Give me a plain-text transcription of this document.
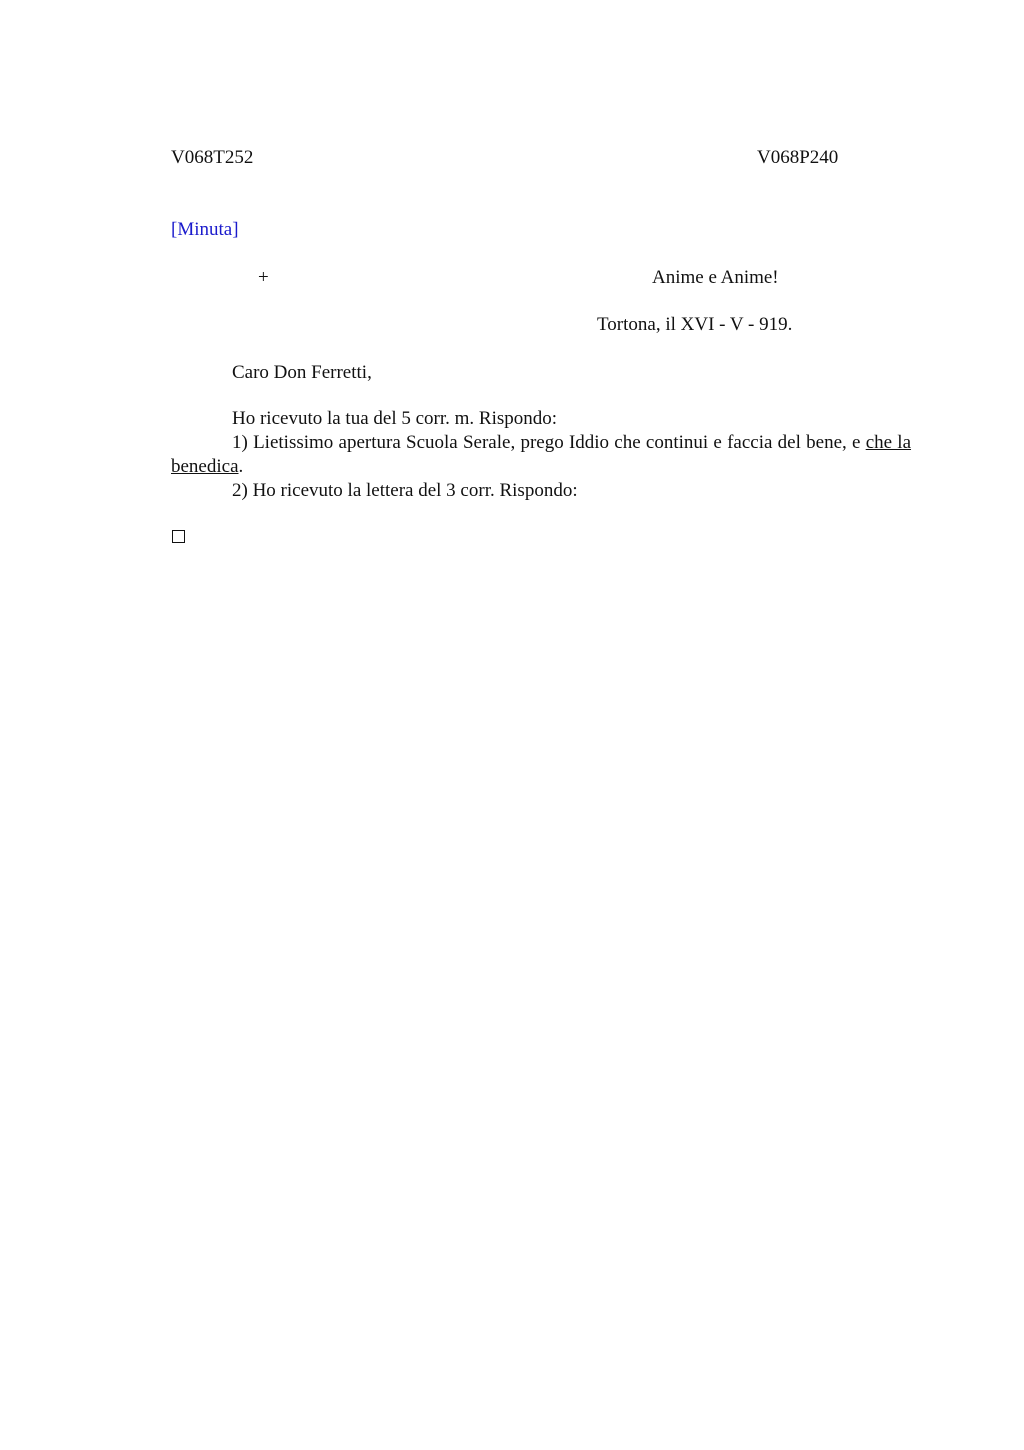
V068T252	V068P240
[Minuta]
+	Anime e Anime!
Tortona, il XVI - V - 919.
Caro Don Ferretti,

Ho ricevuto la tua del 5 corr. m. Rispondo:

1) Lietissimo apertura Scuola Serale, prego Iddio che continui e faccia del bene, e che la benedica.

2) Ho ricevuto la lettera del 3 corr. Rispondo:
